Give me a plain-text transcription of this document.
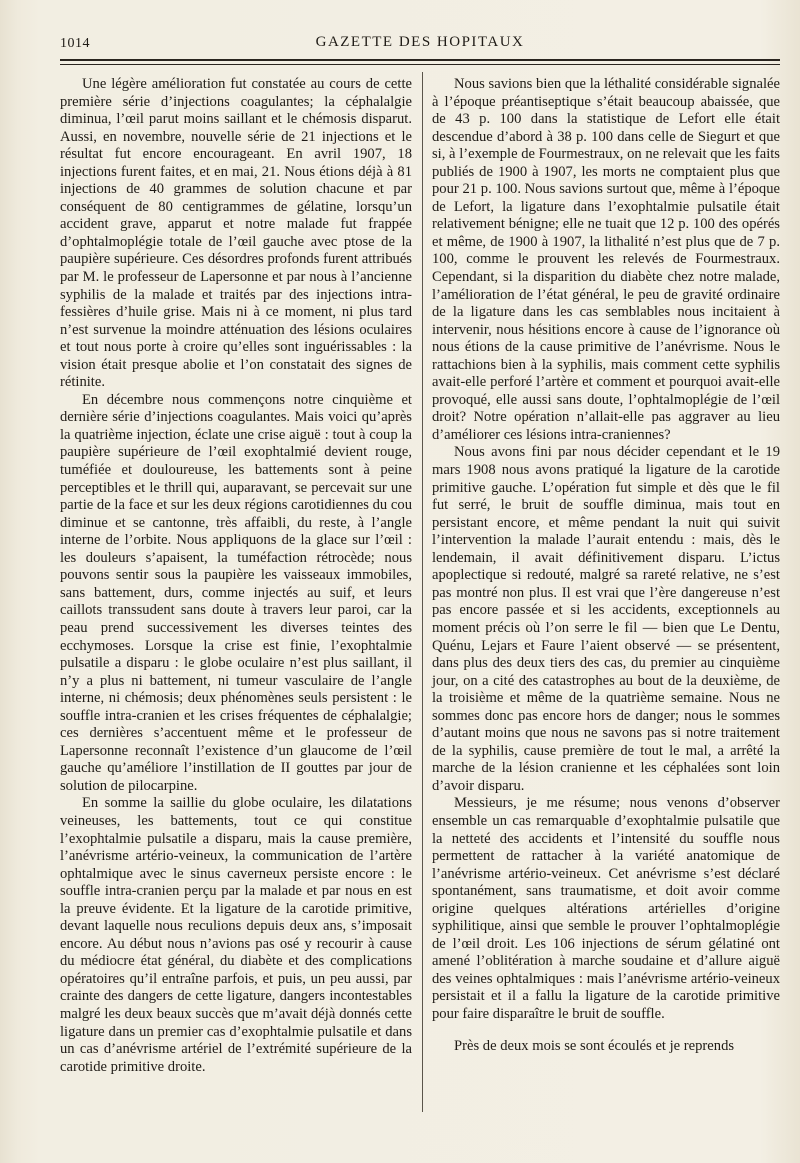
1014	GAZETTE DES HOPITAUX

Une légère amélioration fut constatée au cours de cette première série d’injections coagulantes; la céphalalgie diminua, l’œil parut moins saillant et le chémosis disparut. Aussi, en novembre, nouvelle série de 21 injections et le résultat fut encore encourageant. En avril 1907, 18 injections furent faites, et en mai, 21. Nous étions déjà à 81 injections de 40 grammes de solution chacune et par conséquent de 80 centigrammes de gélatine, lorsqu’un accident grave, apparut et notre malade fut frappée d’ophtalmoplégie totale de l’œil gauche avec ptose de la paupière supérieure. Ces désordres profonds furent attribués par M. le professeur de Lapersonne et par nous à l’ancienne syphilis de la malade et traités par des injections intra-fessières d’huile grise. Mais ni à ce moment, ni plus tard n’est survenue la moindre atténuation des lésions oculaires et tout nous porte à croire qu’elles sont inguérissables : la vision était presque abolie et l’on constatait des signes de rétinite.

En décembre nous commençons notre cinquième et dernière série d’injections coagulantes. Mais voici qu’après la quatrième injection, éclate une crise aiguë : tout à coup la paupière supérieure de l’œil exophtalmié devient rouge, tuméfiée et douloureuse, les battements sont à peine perceptibles et le thrill qui, auparavant, se percevait sur une partie de la face et sur les deux régions carotidiennes du cou diminue et se cantonne, très affaibli, du reste, à l’angle interne de l’orbite. Nous appliquons de la glace sur l’œil : les douleurs s’apaisent, la tuméfaction rétrocède; nous pouvons sentir sous la paupière les vaisseaux immobiles, sans battement, durs, comme injectés au suif, et leurs caillots transsudent sans doute à travers leur paroi, car la peau prend successivement les diverses teintes des ecchymoses. Lorsque la crise est finie, l’exophtalmie pulsatile a disparu : le globe oculaire n’est plus saillant, il n’y a plus ni battement, ni tumeur vasculaire de l’angle interne, ni chémosis; deux phénomènes seuls persistent : le souffle intra-cranien et les crises fréquentes de céphalalgie; ces dernières s’accentuent même et le professeur de Lapersonne reconnaît l’existence d’un glaucome de l’œil gauche qu’améliore l’instillation de II gouttes par jour de solution de pilocarpine.

En somme la saillie du globe oculaire, les dilatations veineuses, les battements, tout ce qui constitue l’exophtalmie pulsatile a disparu, mais la cause première, l’anévrisme artério-veineux, la communication de l’artère ophtalmique avec le sinus caverneux persiste encore : le souffle intra-cranien perçu par la malade et par nous en est la preuve évidente. Et la ligature de la carotide primitive, devant laquelle nous reculions depuis deux ans, s’imposait encore. Au début nous n’avions pas osé y recourir à cause du médiocre état général, du diabète et des complications opératoires qu’il entraîne parfois, et puis, un peu aussi, par crainte des dangers de cette ligature, dangers incontestables malgré les deux beaux succès que m’avait déjà donnés cette ligature dans un premier cas d’exophtalmie pulsatile et dans un cas d’anévrisme artériel de l’extrémité supérieure de la carotide primitive droite.

Nous savions bien que la léthalité considérable signalée à l’époque préantiseptique s’était beaucoup abaissée, que de 43 p. 100 dans la statistique de Lefort elle était descendue d’abord à 38 p. 100 dans celle de Siegurt et que si, à l’exemple de Fourmestraux, on ne relevait que les faits publiés de 1900 à 1907, les morts ne comptaient plus que pour 21 p. 100. Nous savions surtout que, même à l’époque de Lefort, la ligature dans l’exophtalmie pulsatile était relativement bénigne; elle ne tuait que 12 p. 100 des opérés et même, de 1900 à 1907, la lithalité n’est plus que de 7 p. 100, comme le prouvent les relevés de Fourmestraux. Cependant, si la disparition du diabète chez notre malade, l’amélioration de l’état général, le peu de gravité ordinaire de la ligature dans les cas semblables nous incitaient à intervenir, nous hésitions encore à cause de l’ignorance où nous étions de la cause primitive de l’anévrisme. Nous le rattachions bien à la syphilis, mais comment cette syphilis avait-elle perforé l’artère et comment et pourquoi avait-elle provoqué, elle aussi sans doute, l’ophtalmoplégie de l’œil droit? Notre opération n’allait-elle pas aggraver au lieu d’améliorer ces lésions intra-craniennes?

Nous avons fini par nous décider cependant et le 19 mars 1908 nous avons pratiqué la ligature de la carotide primitive gauche. L’opération fut simple et dès que le fil fut serré, le bruit de souffle diminua, mais tout en persistant encore, et même pendant la nuit qui suivit l’intervention la malade l’aurait entendu : mais, dès le lendemain, il avait définitivement disparu. L’ictus apoplectique si redouté, malgré sa rareté relative, ne s’est pas montré non plus. Il est vrai que l’ère dangereuse n’est pas encore passée et si les accidents, exceptionnels au moment précis où l’on serre le fil — bien que Le Dentu, Quénu, Lejars et Faure l’aient observé — se présentent, dans plus des deux tiers des cas, du premier au cinquième jour, on a cité des catastrophes au bout de la deuxième, de la troisième et même de la quatrième semaine. Nous ne sommes donc pas encore hors de danger; nous le sommes d’autant moins que nous ne savons pas si notre traitement de la syphilis, cause première de tout le mal, a arrêté la marche de la lésion cranienne et les céphalées sont loin d’avoir disparu.

Messieurs, je me résume; nous venons d’observer ensemble un cas remarquable d’exophtalmie pulsatile que la netteté des accidents et l’intensité du souffle nous permettent de rattacher à la variété anatomique de l’anévrisme artério-veineux. Cet anévrisme s’est déclaré spontanément, sans traumatisme, et doit avoir comme origine quelques altérations artérielles d’origine syphilitique, ainsi que semble le prouver l’ophtalmoplégie de l’œil droit. Les 106 injections de sérum gélatiné ont amené l’oblitération à marche soudaine et d’allure aiguë des veines ophtalmiques : mais l’anévrisme artério-veineux persistait et il a fallu la ligature de la carotide primitive pour faire disparaître le bruit de souffle.

Près de deux mois se sont écoulés et je reprends
